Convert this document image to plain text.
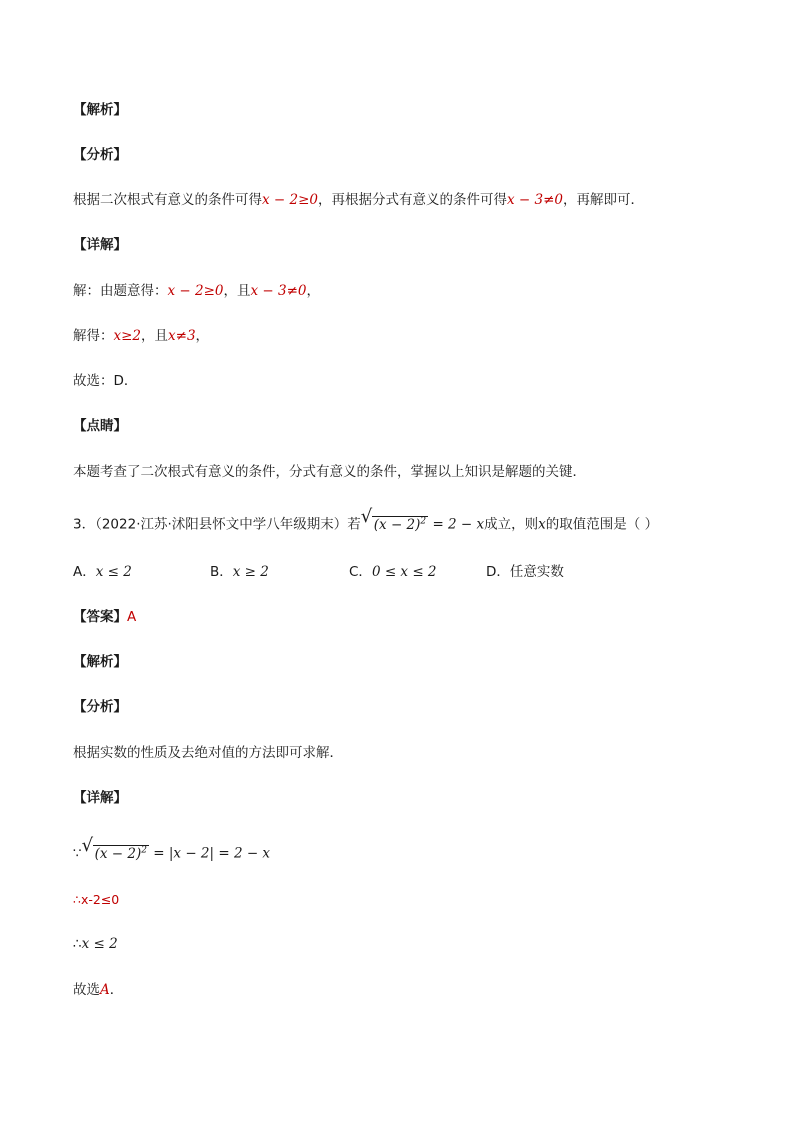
【解析】
【分析】
根据二次根式有意义的条件可得x − 2≥0，再根据分式有意义的条件可得x − 3≠0，再解即可．
【详解】
解：由题意得：x − 2≥0，且x − 3≠0，
解得：x≥2，且x≠3，
故选：D．
【点睛】
本题考查了二次根式有意义的条件，分式有意义的条件，掌握以上知识是解题的关键．
3．（2022·江苏·沭阳县怀文中学八年级期末）若 √ $(x - 2)^2 = 2 - x$成立，则x的取值范围是（ ）
A．x ≤ 2	B．x ≥ 2	C．0 ≤ x ≤ 2	D．任意实数
【答案】A
【解析】
【分析】
根据实数的性质及去绝对值的方法即可求解．
【详解】
∵ √ $(x - 2)^2 = |x - 2| = 2 - x$
∴x-2≤0
∴x ≤ 2
故选A．
